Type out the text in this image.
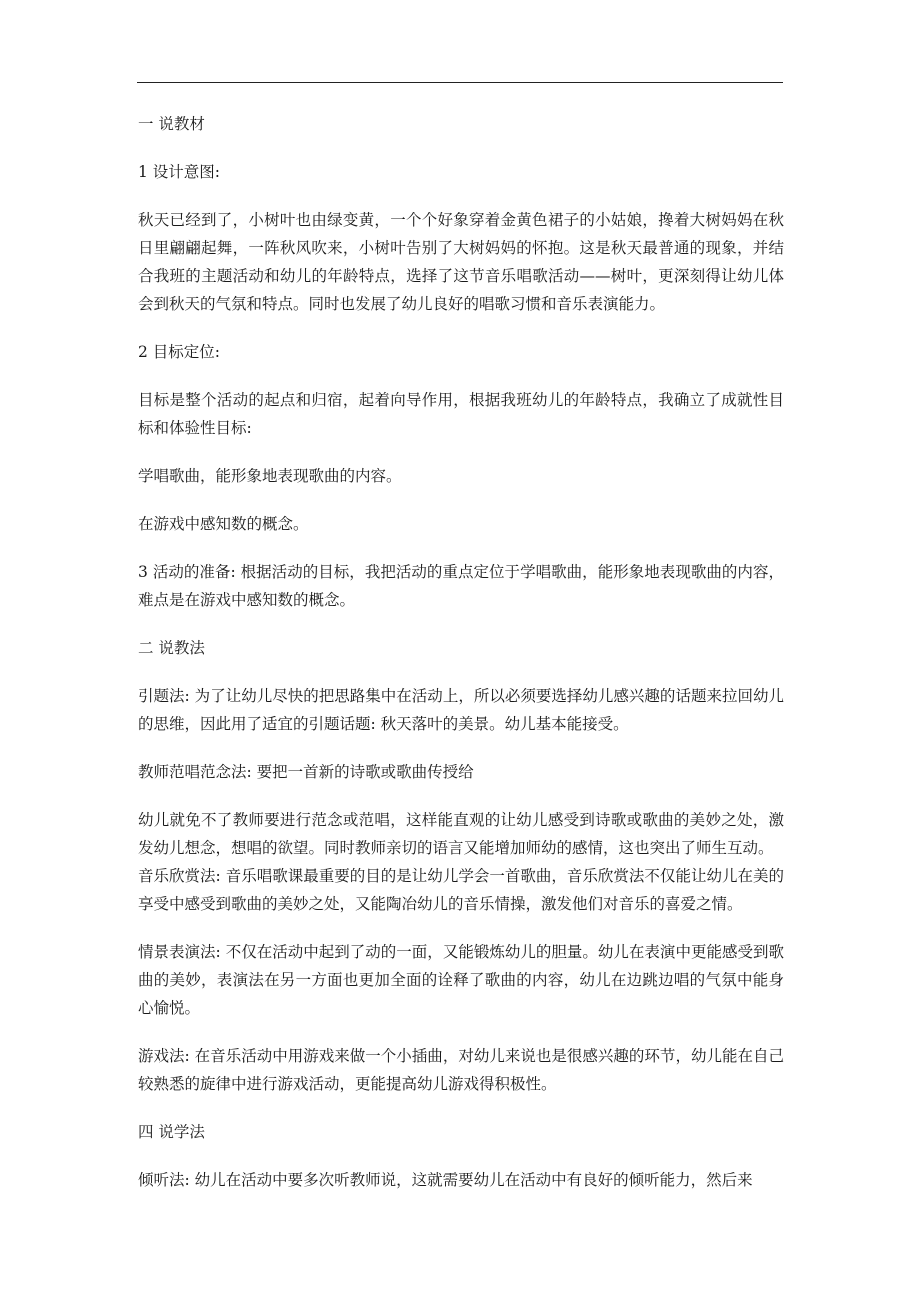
一 说教材

1 设计意图:

秋天已经到了，小树叶也由绿变黄，一个个好象穿着金黄色裙子的小姑娘，搀着大树妈妈在秋日里翩翩起舞，一阵秋风吹来，小树叶告别了大树妈妈的怀抱。这是秋天最普通的现象，并结合我班的主题活动和幼儿的年龄特点，选择了这节音乐唱歌活动——树叶，更深刻得让幼儿体会到秋天的气氛和特点。同时也发展了幼儿良好的唱歌习惯和音乐表演能力。

2 目标定位:

目标是整个活动的起点和归宿，起着向导作用，根据我班幼儿的年龄特点，我确立了成就性目标和体验性目标:

学唱歌曲，能形象地表现歌曲的内容。

在游戏中感知数的概念。

3 活动的准备: 根据活动的目标，我把活动的重点定位于学唱歌曲，能形象地表现歌曲的内容，难点是在游戏中感知数的概念。

二 说教法

引题法: 为了让幼儿尽快的把思路集中在活动上，所以必须要选择幼儿感兴趣的话题来拉回幼儿的思维，因此用了适宜的引题话题: 秋天落叶的美景。幼儿基本能接受。

教师范唱范念法: 要把一首新的诗歌或歌曲传授给

幼儿就免不了教师要进行范念或范唱，这样能直观的让幼儿感受到诗歌或歌曲的美妙之处，激发幼儿想念，想唱的欲望。同时教师亲切的语言又能增加师幼的感情，这也突出了师生互动。

音乐欣赏法: 音乐唱歌课最重要的目的是让幼儿学会一首歌曲，音乐欣赏法不仅能让幼儿在美的享受中感受到歌曲的美妙之处，又能陶冶幼儿的音乐情操，激发他们对音乐的喜爱之情。

情景表演法: 不仅在活动中起到了动的一面，又能锻炼幼儿的胆量。幼儿在表演中更能感受到歌曲的美妙，表演法在另一方面也更加全面的诠释了歌曲的内容，幼儿在边跳边唱的气氛中能身心愉悦。

游戏法: 在音乐活动中用游戏来做一个小插曲，对幼儿来说也是很感兴趣的环节，幼儿能在自己较熟悉的旋律中进行游戏活动，更能提高幼儿游戏得积极性。

四 说学法

倾听法: 幼儿在活动中要多次听教师说，这就需要幼儿在活动中有良好的倾听能力，然后来
